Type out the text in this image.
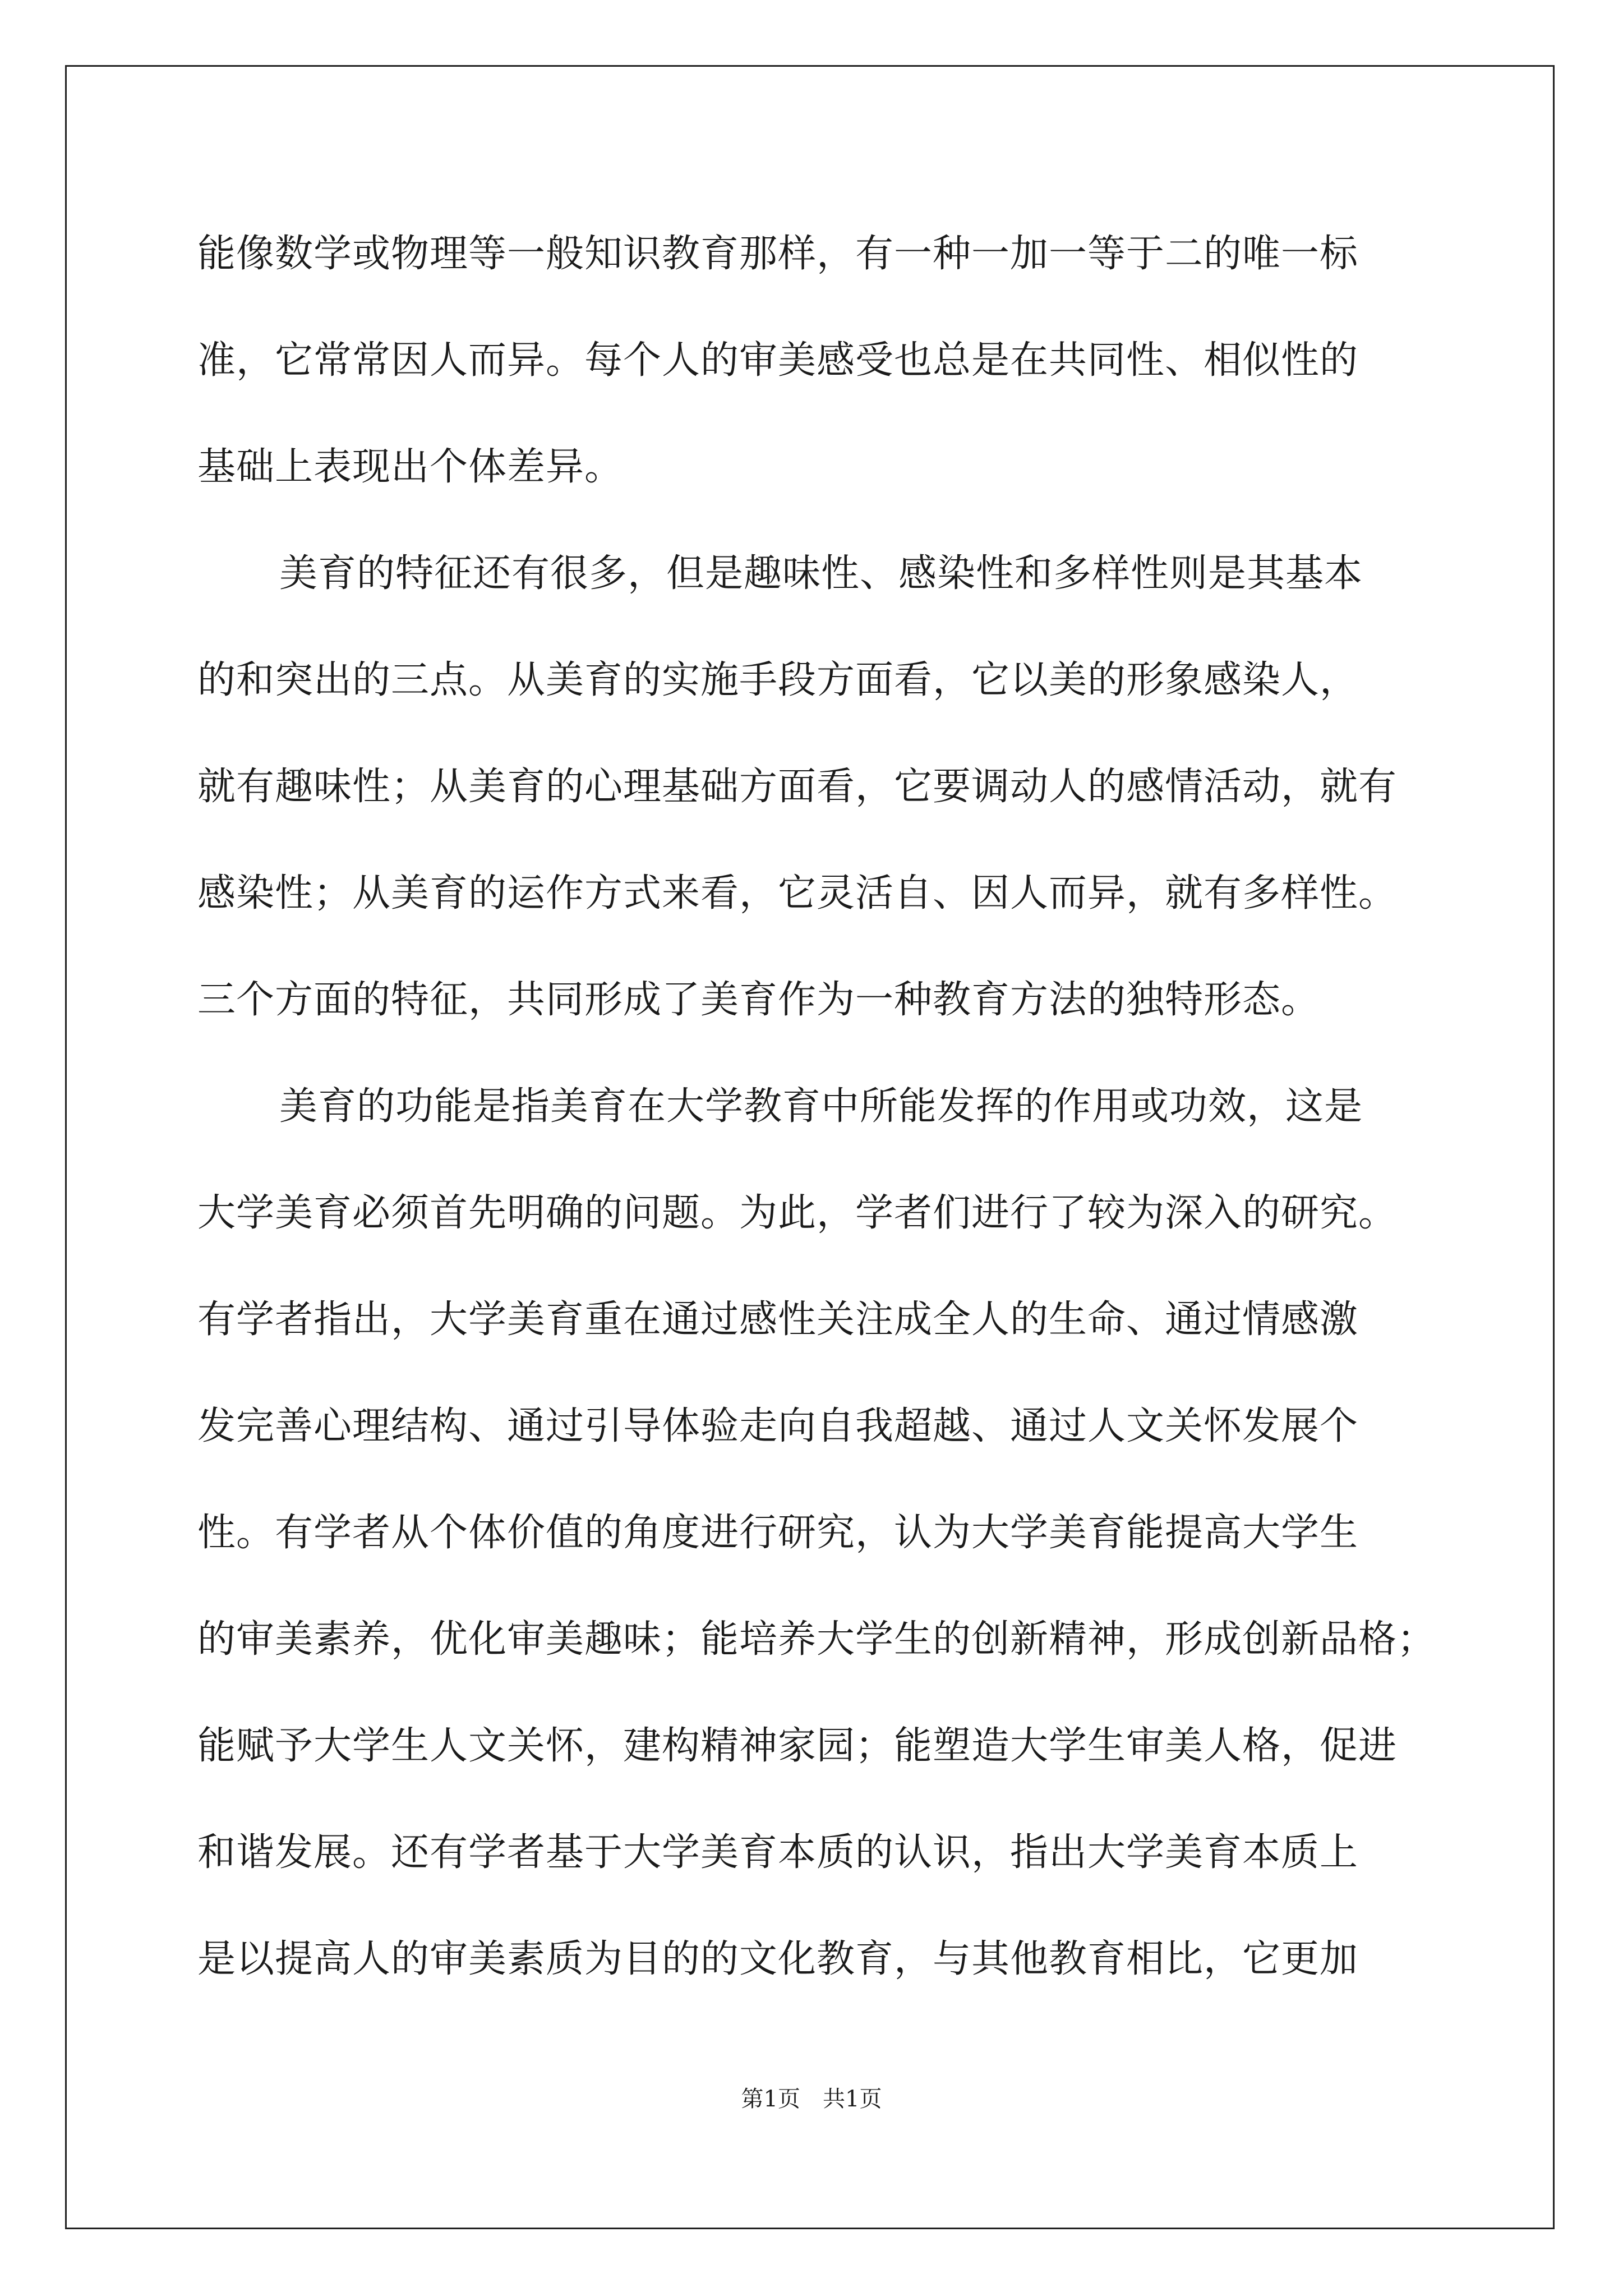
能像数学或物理等一般知识教育那样，有一种一加一等于二的唯一标
准，它常常因人而异。每个人的审美感受也总是在共同性、相似性的
基础上表现出个体差异。
美育的特征还有很多，但是趣味性、感染性和多样性则是其基本
的和突出的三点。从美育的实施手段方面看，它以美的形象感染人，
就有趣味性；从美育的心理基础方面看，它要调动人的感情活动，就有
感染性；从美育的运作方式来看，它灵活自、因人而异，就有多样性。
三个方面的特征，共同形成了美育作为一种教育方法的独特形态。
美育的功能是指美育在大学教育中所能发挥的作用或功效，这是
大学美育必须首先明确的问题。为此，学者们进行了较为深入的研究。
有学者指出，大学美育重在通过感性关注成全人的生命、通过情感激
发完善心理结构、通过引导体验走向自我超越、通过人文关怀发展个
性。有学者从个体价值的角度进行研究，认为大学美育能提高大学生
的审美素养，优化审美趣味；能培养大学生的创新精神，形成创新品格；
能赋予大学生人文关怀，建构精神家园；能塑造大学生审美人格，促进
和谐发展。还有学者基于大学美育本质的认识，指出大学美育本质上
是以提高人的审美素质为目的的文化教育，与其他教育相比，它更加
第1页 共1页
